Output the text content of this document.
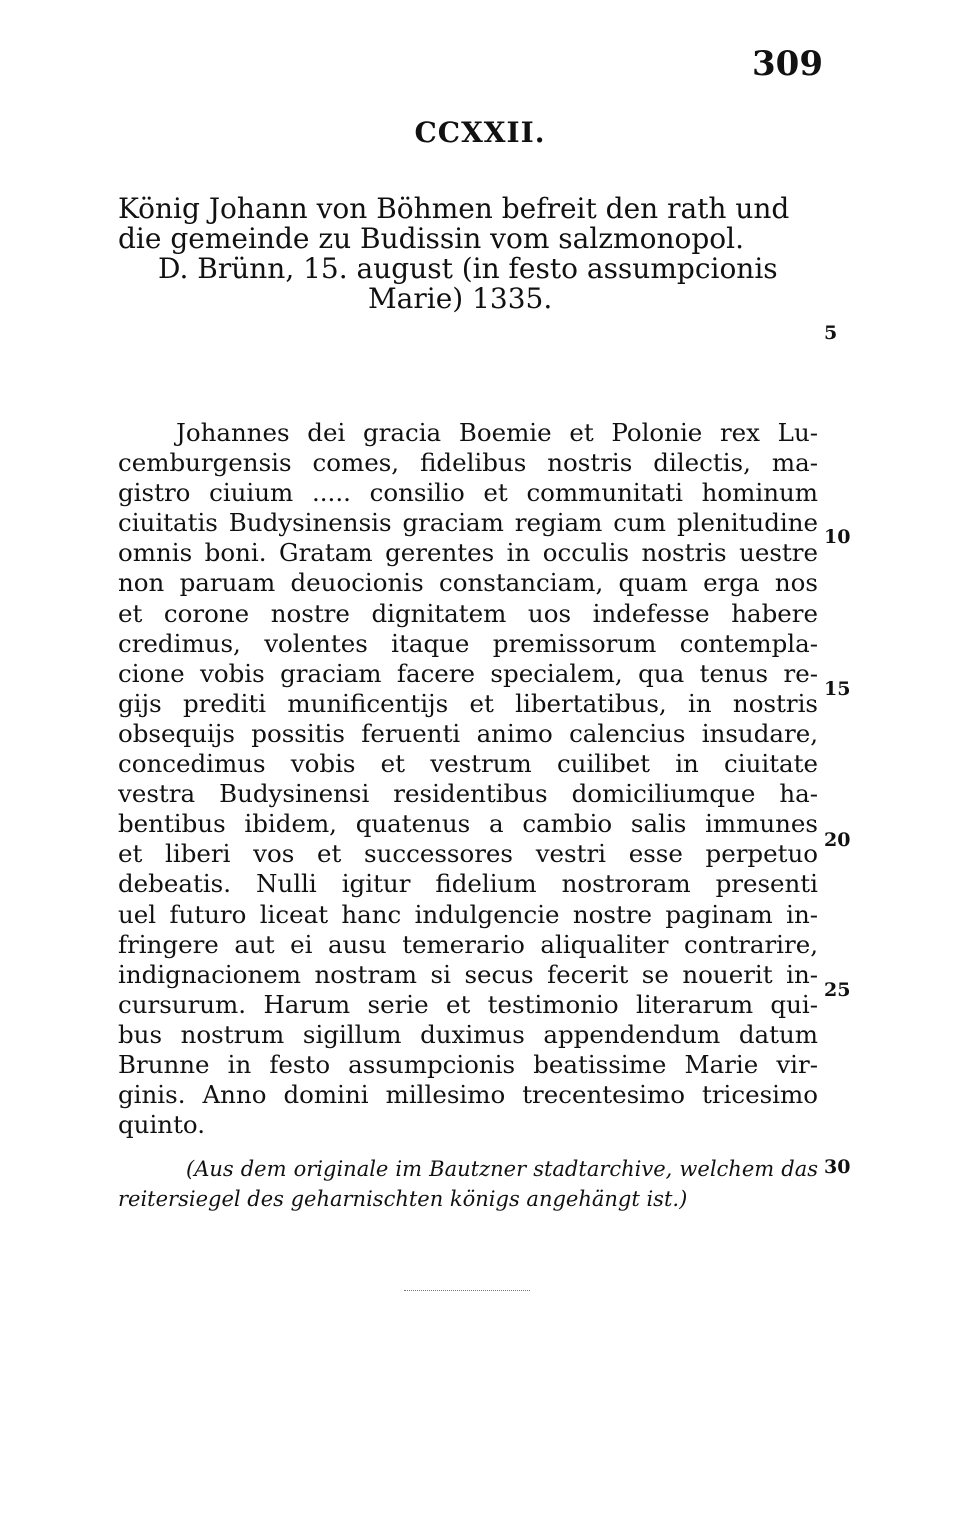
309
CCXXII.
König Johann von Böhmen befreit den rath und
die gemeinde zu Budissin vom salzmonopol.
D. Brünn, 15. august (in festo assumpcionis
Marie) 1335.
Johannes dei gracia Boemie et Polonie rex Lu-
cemburgensis comes, fidelibus nostris dilectis, ma-
gistro ciuium ..... consilio et communitati hominum
ciuitatis Budysinensis graciam regiam cum plenitudine
omnis boni. Gratam gerentes in occulis nostris uestre
non paruam deuocionis constanciam, quam erga nos
et corone nostre dignitatem uos indefesse habere
credimus, volentes itaque premissorum contempla-
cione vobis graciam facere specialem, qua tenus re-
gijs prediti munificentijs et libertatibus, in nostris
obsequijs possitis feruenti animo calencius insudare,
concedimus vobis et vestrum cuilibet in ciuitate
vestra Budysinensi residentibus domiciliumque ha-
bentibus ibidem, quatenus a cambio salis immunes
et liberi vos et successores vestri esse perpetuo
debeatis. Nulli igitur fidelium nostroram presenti
uel futuro liceat hanc indulgencie nostre paginam in-
fringere aut ei ausu temerario aliqualiter contrarire,
indignacionem nostram si secus fecerit se nouerit in-
cursurum. Harum serie et testimonio literarum qui-
bus nostrum sigillum duximus appendendum datum
Brunne in festo assumpcionis beatissime Marie vir-
ginis. Anno domini millesimo trecentesimo tricesimo
quinto.
(Aus dem originale im Bautzner stadtarchive, welchem das
reitersiegel des geharnischten königs angehängt ist.)
5
10
15
20
25
30
